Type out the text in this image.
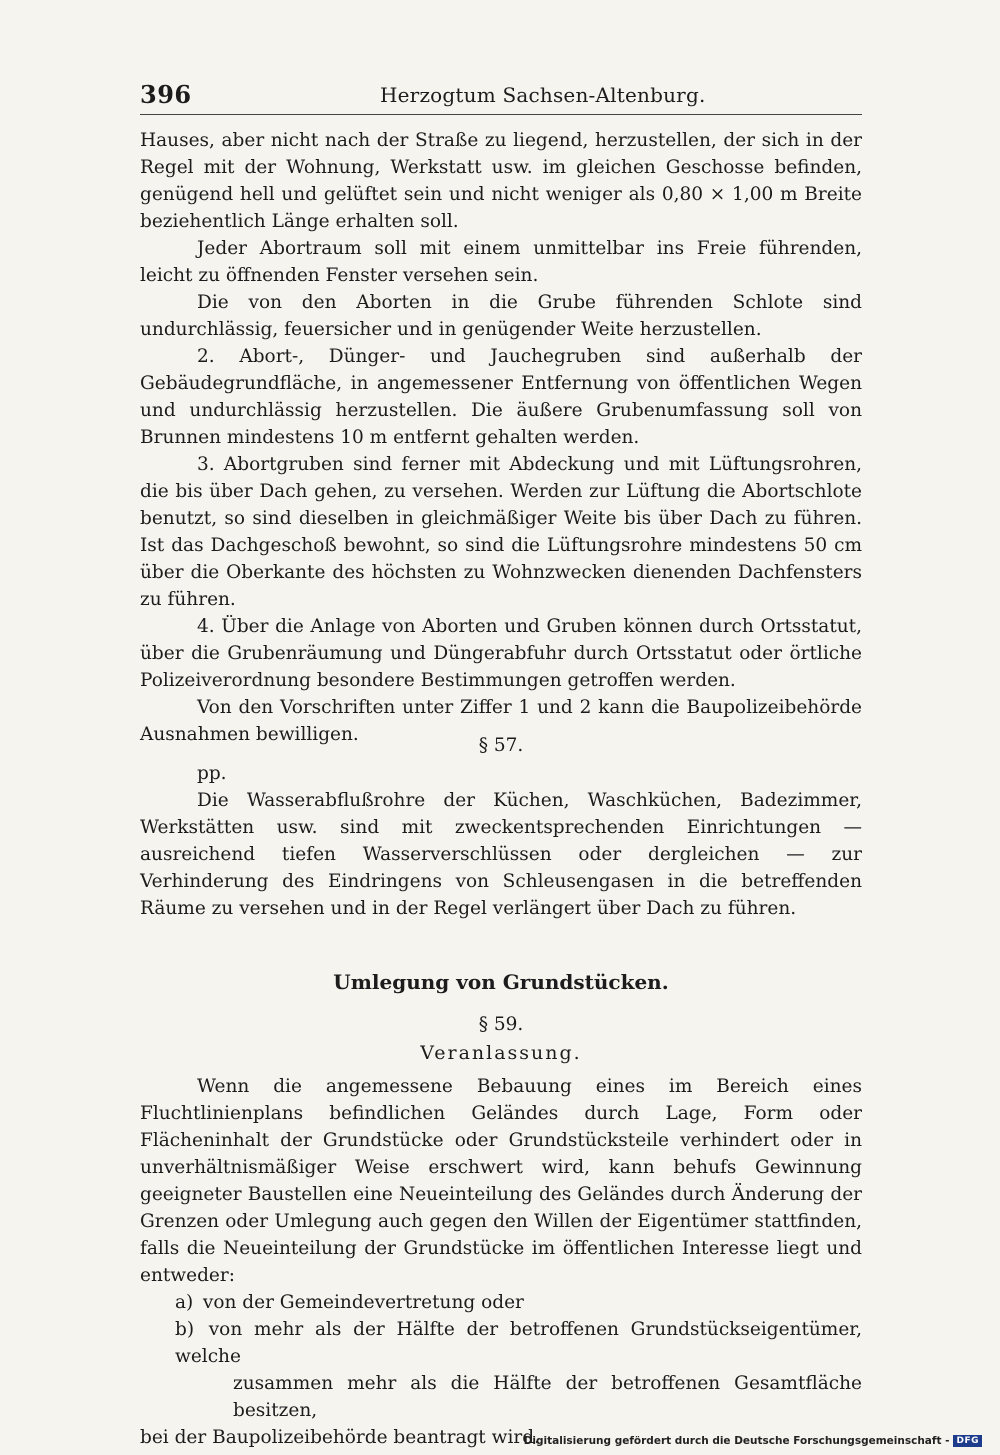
396	Herzogtum Sachsen-Altenburg.

Hauses, aber nicht nach der Straße zu liegend, herzustellen, der sich in der Regel mit der Wohnung, Werkstatt usw. im gleichen Geschosse befinden, genügend hell und gelüftet sein und nicht weniger als 0,80 × 1,00 m Breite beziehentlich Länge erhalten soll.

Jeder Abortraum soll mit einem unmittelbar ins Freie führenden, leicht zu öffnenden Fenster versehen sein.

Die von den Aborten in die Grube führenden Schlote sind undurchlässig, feuersicher und in genügender Weite herzustellen.

2. Abort-, Dünger- und Jauchegruben sind außerhalb der Gebäudegrundfläche, in angemessener Entfernung von öffentlichen Wegen und undurchlässig herzustellen. Die äußere Grubenumfassung soll von Brunnen mindestens 10 m entfernt gehalten werden.

3. Abortgruben sind ferner mit Abdeckung und mit Lüftungsrohren, die bis über Dach gehen, zu versehen. Werden zur Lüftung die Abortschlote benutzt, so sind dieselben in gleichmäßiger Weite bis über Dach zu führen. Ist das Dachgeschoß bewohnt, so sind die Lüftungsrohre mindestens 50 cm über die Oberkante des höchsten zu Wohnzwecken dienenden Dachfensters zu führen.

4. Über die Anlage von Aborten und Gruben können durch Ortsstatut, über die Grubenräumung und Düngerabfuhr durch Ortsstatut oder örtliche Polizeiverordnung besondere Bestimmungen getroffen werden.

Von den Vorschriften unter Ziffer 1 und 2 kann die Baupolizeibehörde Ausnahmen bewilligen.

§ 57.

pp.

Die Wasserabflußrohre der Küchen, Waschküchen, Badezimmer, Werkstätten usw. sind mit zweckentsprechenden Einrichtungen — ausreichend tiefen Wasserverschlüssen oder dergleichen — zur Verhinderung des Eindringens von Schleusengasen in die betreffenden Räume zu versehen und in der Regel verlängert über Dach zu führen.

Umlegung von Grundstücken.
§ 59.
Veranlassung.

Wenn die angemessene Bebauung eines im Bereich eines Fluchtlinienplans befindlichen Geländes durch Lage, Form oder Flächeninhalt der Grundstücke oder Grundstücksteile verhindert oder in unverhältnismäßiger Weise erschwert wird, kann behufs Gewinnung geeigneter Baustellen eine Neueinteilung des Geländes durch Änderung der Grenzen oder Umlegung auch gegen den Willen der Eigentümer stattfinden, falls die Neueinteilung der Grundstücke im öffentlichen Interesse liegt und entweder:

a) von der Gemeindevertretung oder

b) von mehr als der Hälfte der betroffenen Grundstückseigentümer, welche

zusammen mehr als die Hälfte der betroffenen Gesamtfläche besitzen,

bei der Baupolizeibehörde beantragt wird.

Digitalisierung gefördert durch die Deutsche Forschungsgemeinschaft - DFG
